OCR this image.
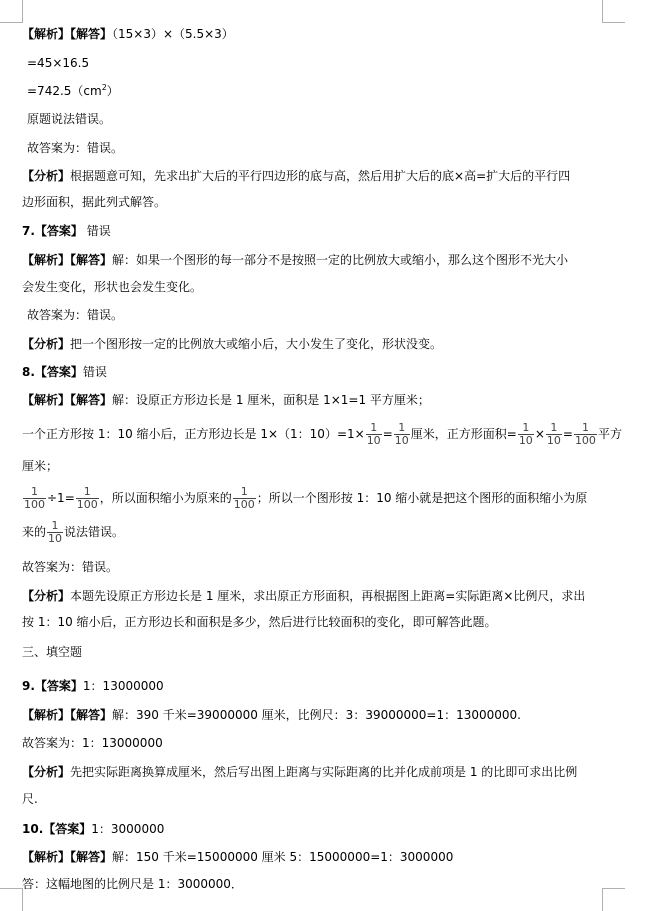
【解析】【解答】（15×3）×（5.5×3）
=45×16.5
$=742.5(cm^2)$
原题说法错误。
故答案为：错误。
【分析】根据题意可知，先求出扩大后的平行四边形的底与高，然后用扩大后的底×高=扩大后的平行四
边形面积，据此列式解答。
7.【答案】 错误
【解析】【解答】解：如果一个图形的每一部分不是按照一定的比例放大或缩小，那么这个图形不光大小
会发生变化，形状也会发生变化。
故答案为：错误。
【分析】把一个图形按一定的比例放大或缩小后，大小发生了变化，形状没变。
8.【答案】错误
【解析】【解答】解：设原正方形边长是 1 厘米，面积是 1×1=1 平方厘米；
一个正方形按 1：10 缩小后，正方形边长是 1×（1：$10)=1\times \frac{1}{10} = \frac{1}{10}$ 厘米，正方形面积= $\frac{1}{10} \times \frac{1}{10} = \frac{1}{100}$ 平方
厘米；
$\frac{1}{100} \div 1= \frac{1}{100}$ ，所以面积缩小为原来的 $\frac{1}{100}$ ；所以一个图形按 1：10 缩小就是把这个图形的面积缩小为原
来的 $\frac{1}{10}$ 说法错误。
故答案为：错误。
【分析】本题先设原正方形边长是 1 厘米，求出原正方形面积，再根据图上距离=实际距离×比例尺，求出
按 1：10 缩小后，正方形边长和面积是多少，然后进行比较面积的变化，即可解答此题。
三、填空题
9.【答案】1：13000000
【解析】【解答】解：390 千米=39000000 厘米，比例尺：3：39000000=1：13000000.
故答案为：1：13000000
【分析】先把实际距离换算成厘米，然后写出图上距离与实际距离的比并化成前项是 1 的比即可求出比例
尺.
10.【答案】1：3000000
【解析】【解答】解：150 千米=15000000 厘米 5：15000000=1：3000000
答：这幅地图的比例尺是 1：3000000．
